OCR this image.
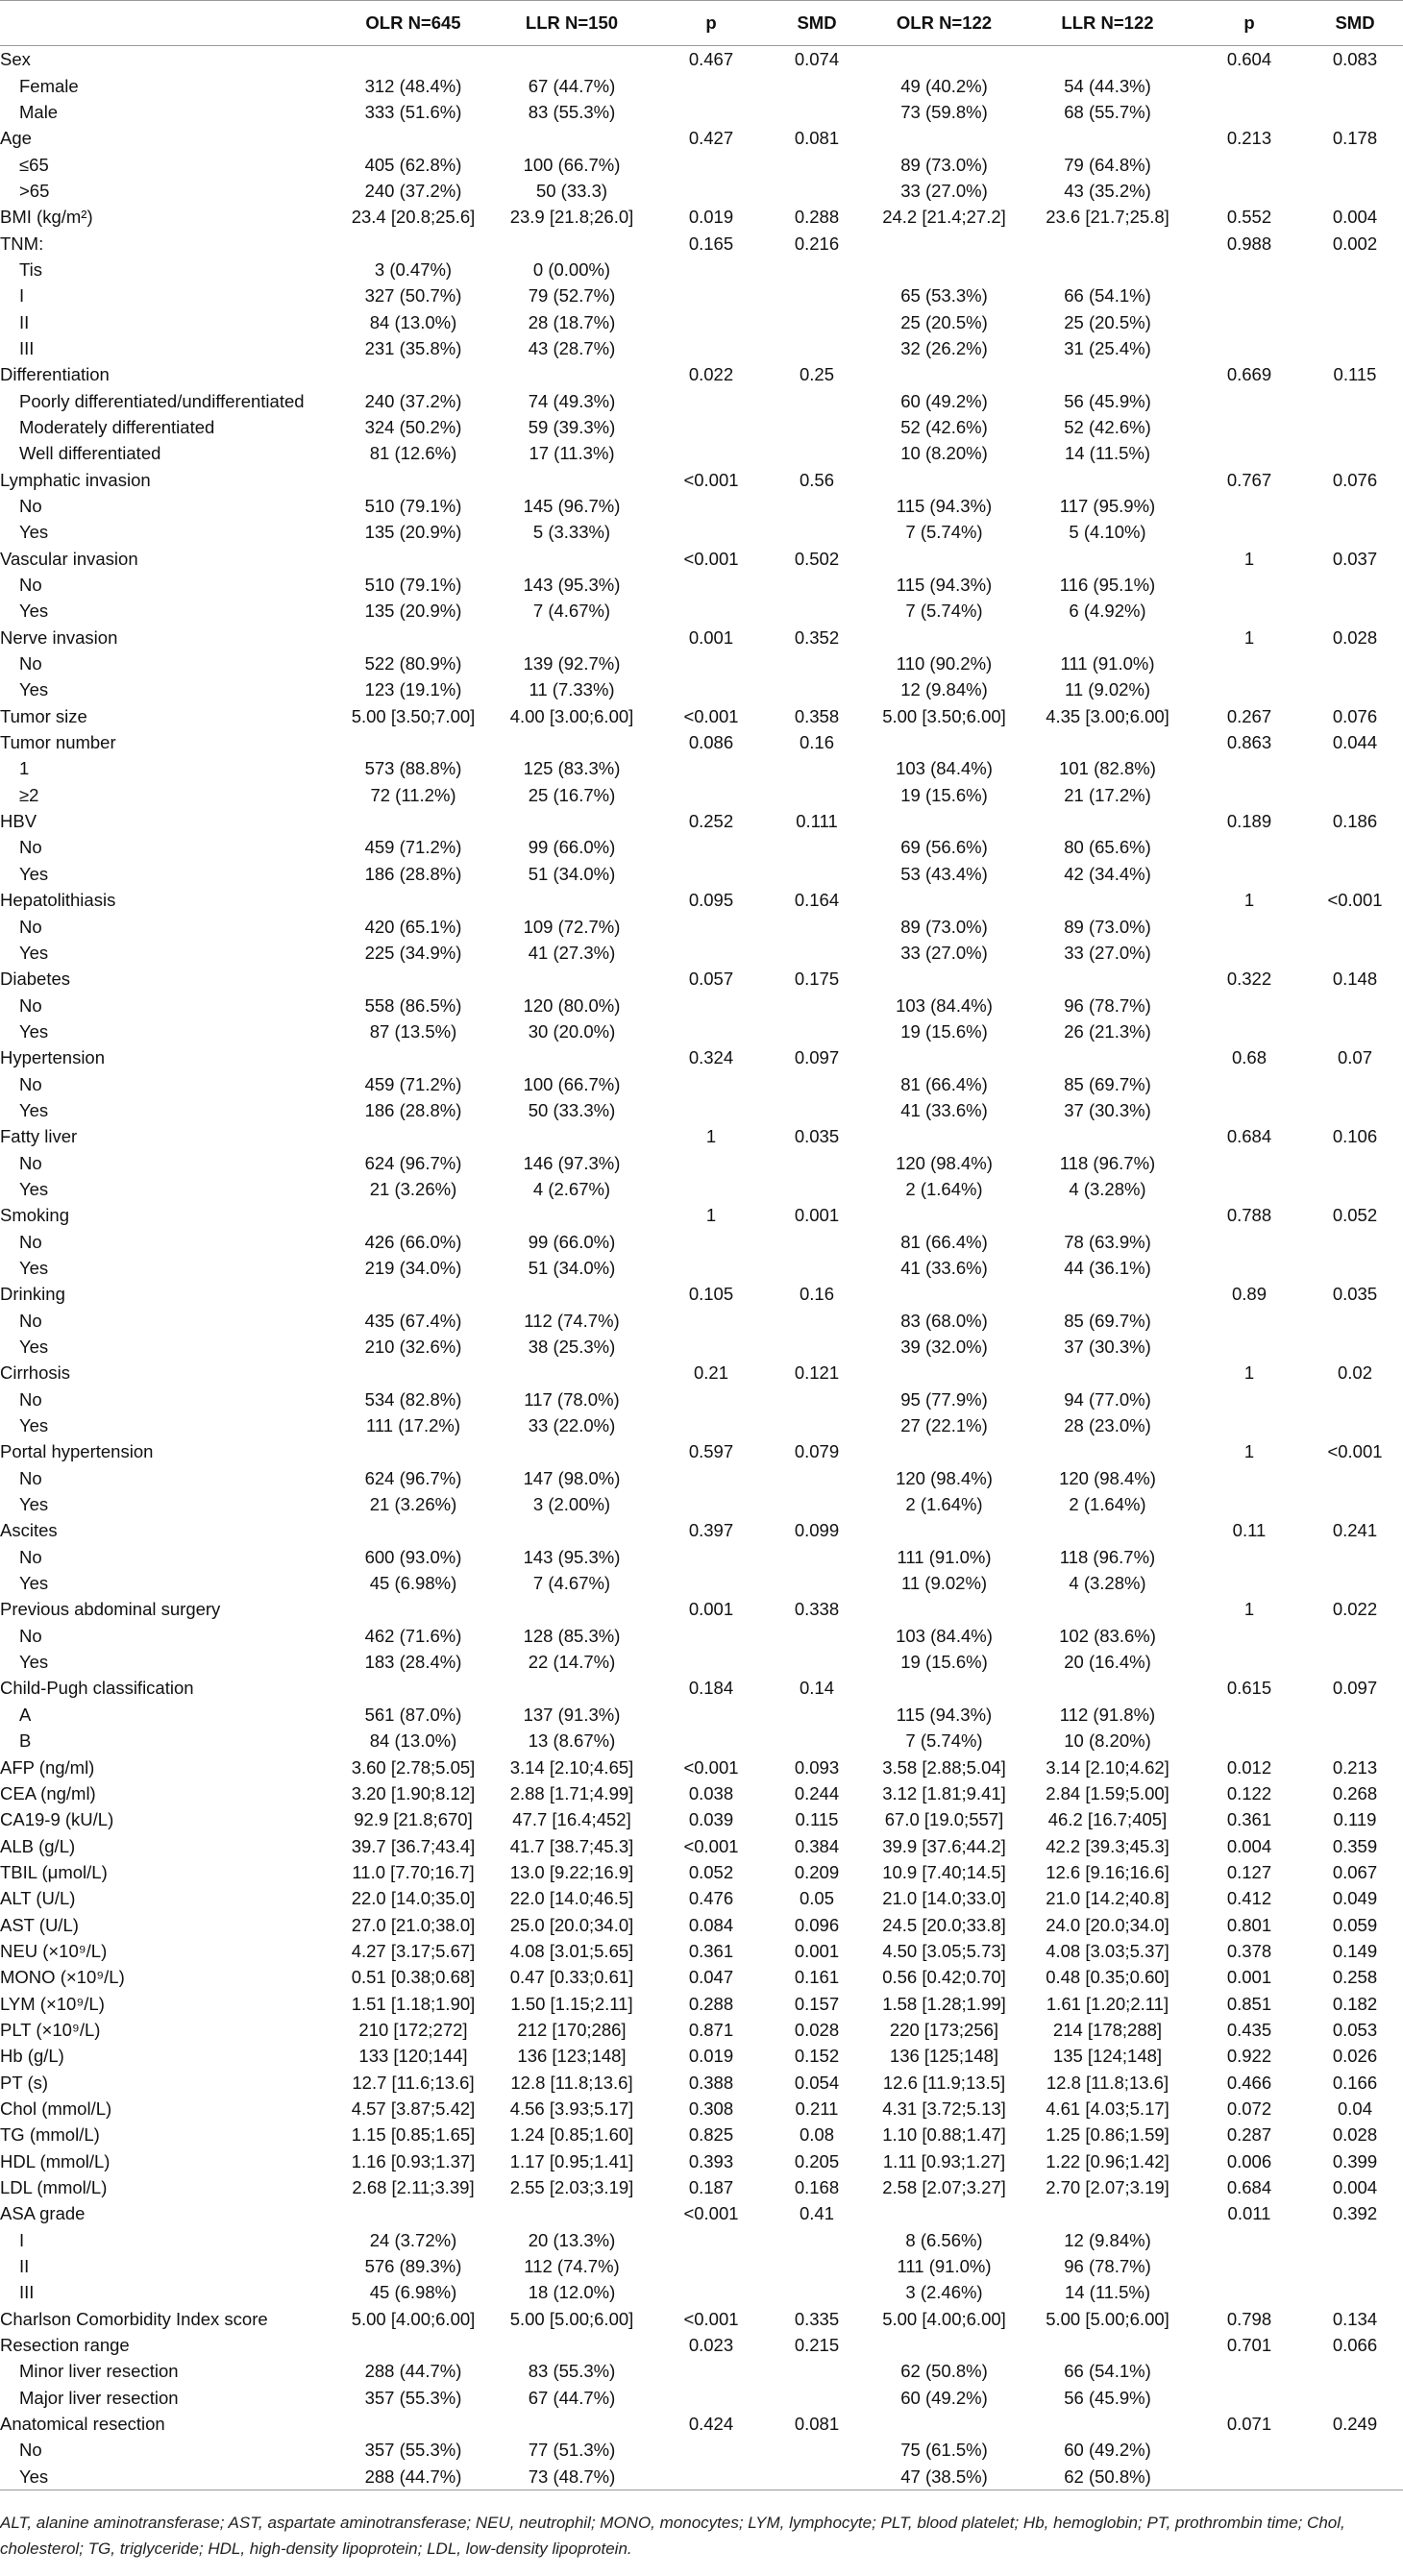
	OLR N=645	LLR N=150	p	SMD	OLR N=122	LLR N=122	p	SMD
Sex			0.467	0.074			0.604	0.083
Female	312 (48.4%)	67 (44.7%)			49 (40.2%)	54 (44.3%)		
Male	333 (51.6%)	83 (55.3%)			73 (59.8%)	68 (55.7%)		
Age			0.427	0.081			0.213	0.178
≤65	405 (62.8%)	100 (66.7%)			89 (73.0%)	79 (64.8%)		
>65	240 (37.2%)	50 (33.3)			33 (27.0%)	43 (35.2%)		
BMI (kg/m²)	23.4 [20.8;25.6]	23.9 [21.8;26.0]	0.019	0.288	24.2 [21.4;27.2]	23.6 [21.7;25.8]	0.552	0.004
TNM:			0.165	0.216			0.988	0.002
Tis	3 (0.47%)	0 (0.00%)						
I	327 (50.7%)	79 (52.7%)			65 (53.3%)	66 (54.1%)		
II	84 (13.0%)	28 (18.7%)			25 (20.5%)	25 (20.5%)		
III	231 (35.8%)	43 (28.7%)			32 (26.2%)	31 (25.4%)		
Differentiation			0.022	0.25			0.669	0.115
Poorly differentiated/undifferentiated	240 (37.2%)	74 (49.3%)			60 (49.2%)	56 (45.9%)		
Moderately differentiated	324 (50.2%)	59 (39.3%)			52 (42.6%)	52 (42.6%)		
Well differentiated	81 (12.6%)	17 (11.3%)			10 (8.20%)	14 (11.5%)		
Lymphatic invasion			<0.001	0.56			0.767	0.076
No	510 (79.1%)	145 (96.7%)			115 (94.3%)	117 (95.9%)		
Yes	135 (20.9%)	5 (3.33%)			7 (5.74%)	5 (4.10%)		
Vascular invasion			<0.001	0.502			1	0.037
No	510 (79.1%)	143 (95.3%)			115 (94.3%)	116 (95.1%)		
Yes	135 (20.9%)	7 (4.67%)			7 (5.74%)	6 (4.92%)		
Nerve invasion			0.001	0.352			1	0.028
No	522 (80.9%)	139 (92.7%)			110 (90.2%)	111 (91.0%)		
Yes	123 (19.1%)	11 (7.33%)			12 (9.84%)	11 (9.02%)		
Tumor size	5.00 [3.50;7.00]	4.00 [3.00;6.00]	<0.001	0.358	5.00 [3.50;6.00]	4.35 [3.00;6.00]	0.267	0.076
Tumor number			0.086	0.16			0.863	0.044
1	573 (88.8%)	125 (83.3%)			103 (84.4%)	101 (82.8%)		
≥2	72 (11.2%)	25 (16.7%)			19 (15.6%)	21 (17.2%)		
HBV			0.252	0.111			0.189	0.186
No	459 (71.2%)	99 (66.0%)			69 (56.6%)	80 (65.6%)		
Yes	186 (28.8%)	51 (34.0%)			53 (43.4%)	42 (34.4%)		
Hepatolithiasis			0.095	0.164			1	<0.001
No	420 (65.1%)	109 (72.7%)			89 (73.0%)	89 (73.0%)		
Yes	225 (34.9%)	41 (27.3%)			33 (27.0%)	33 (27.0%)		
Diabetes			0.057	0.175			0.322	0.148
No	558 (86.5%)	120 (80.0%)			103 (84.4%)	96 (78.7%)		
Yes	87 (13.5%)	30 (20.0%)			19 (15.6%)	26 (21.3%)		
Hypertension			0.324	0.097			0.68	0.07
No	459 (71.2%)	100 (66.7%)			81 (66.4%)	85 (69.7%)		
Yes	186 (28.8%)	50 (33.3%)			41 (33.6%)	37 (30.3%)		
Fatty liver			1	0.035			0.684	0.106
No	624 (96.7%)	146 (97.3%)			120 (98.4%)	118 (96.7%)		
Yes	21 (3.26%)	4 (2.67%)			2 (1.64%)	4 (3.28%)		
Smoking			1	0.001			0.788	0.052
No	426 (66.0%)	99 (66.0%)			81 (66.4%)	78 (63.9%)		
Yes	219 (34.0%)	51 (34.0%)			41 (33.6%)	44 (36.1%)		
Drinking			0.105	0.16			0.89	0.035
No	435 (67.4%)	112 (74.7%)			83 (68.0%)	85 (69.7%)		
Yes	210 (32.6%)	38 (25.3%)			39 (32.0%)	37 (30.3%)		
Cirrhosis			0.21	0.121			1	0.02
No	534 (82.8%)	117 (78.0%)			95 (77.9%)	94 (77.0%)		
Yes	111 (17.2%)	33 (22.0%)			27 (22.1%)	28 (23.0%)		
Portal hypertension			0.597	0.079			1	<0.001
No	624 (96.7%)	147 (98.0%)			120 (98.4%)	120 (98.4%)		
Yes	21 (3.26%)	3 (2.00%)			2 (1.64%)	2 (1.64%)		
Ascites			0.397	0.099			0.11	0.241
No	600 (93.0%)	143 (95.3%)			111 (91.0%)	118 (96.7%)		
Yes	45 (6.98%)	7 (4.67%)			11 (9.02%)	4 (3.28%)		
Previous abdominal surgery			0.001	0.338			1	0.022
No	462 (71.6%)	128 (85.3%)			103 (84.4%)	102 (83.6%)		
Yes	183 (28.4%)	22 (14.7%)			19 (15.6%)	20 (16.4%)		
Child-Pugh classification			0.184	0.14			0.615	0.097
A	561 (87.0%)	137 (91.3%)			115 (94.3%)	112 (91.8%)		
B	84 (13.0%)	13 (8.67%)			7 (5.74%)	10 (8.20%)		
AFP (ng/ml)	3.60 [2.78;5.05]	3.14 [2.10;4.65]	<0.001	0.093	3.58 [2.88;5.04]	3.14 [2.10;4.62]	0.012	0.213
CEA (ng/ml)	3.20 [1.90;8.12]	2.88 [1.71;4.99]	0.038	0.244	3.12 [1.81;9.41]	2.84 [1.59;5.00]	0.122	0.268
CA19-9 (kU/L)	92.9 [21.8;670]	47.7 [16.4;452]	0.039	0.115	67.0 [19.0;557]	46.2 [16.7;405]	0.361	0.119
ALB (g/L)	39.7 [36.7;43.4]	41.7 [38.7;45.3]	<0.001	0.384	39.9 [37.6;44.2]	42.2 [39.3;45.3]	0.004	0.359
TBIL (μmol/L)	11.0 [7.70;16.7]	13.0 [9.22;16.9]	0.052	0.209	10.9 [7.40;14.5]	12.6 [9.16;16.6]	0.127	0.067
ALT (U/L)	22.0 [14.0;35.0]	22.0 [14.0;46.5]	0.476	0.05	21.0 [14.0;33.0]	21.0 [14.2;40.8]	0.412	0.049
AST (U/L)	27.0 [21.0;38.0]	25.0 [20.0;34.0]	0.084	0.096	24.5 [20.0;33.8]	24.0 [20.0;34.0]	0.801	0.059
NEU (×10⁹/L)	4.27 [3.17;5.67]	4.08 [3.01;5.65]	0.361	0.001	4.50 [3.05;5.73]	4.08 [3.03;5.37]	0.378	0.149
MONO (×10⁹/L)	0.51 [0.38;0.68]	0.47 [0.33;0.61]	0.047	0.161	0.56 [0.42;0.70]	0.48 [0.35;0.60]	0.001	0.258
LYM (×10⁹/L)	1.51 [1.18;1.90]	1.50 [1.15;2.11]	0.288	0.157	1.58 [1.28;1.99]	1.61 [1.20;2.11]	0.851	0.182
PLT (×10⁹/L)	210 [172;272]	212 [170;286]	0.871	0.028	220 [173;256]	214 [178;288]	0.435	0.053
Hb (g/L)	133 [120;144]	136 [123;148]	0.019	0.152	136 [125;148]	135 [124;148]	0.922	0.026
PT (s)	12.7 [11.6;13.6]	12.8 [11.8;13.6]	0.388	0.054	12.6 [11.9;13.5]	12.8 [11.8;13.6]	0.466	0.166
Chol (mmol/L)	4.57 [3.87;5.42]	4.56 [3.93;5.17]	0.308	0.211	4.31 [3.72;5.13]	4.61 [4.03;5.17]	0.072	0.04
TG (mmol/L)	1.15 [0.85;1.65]	1.24 [0.85;1.60]	0.825	0.08	1.10 [0.88;1.47]	1.25 [0.86;1.59]	0.287	0.028
HDL (mmol/L)	1.16 [0.93;1.37]	1.17 [0.95;1.41]	0.393	0.205	1.11 [0.93;1.27]	1.22 [0.96;1.42]	0.006	0.399
LDL (mmol/L)	2.68 [2.11;3.39]	2.55 [2.03;3.19]	0.187	0.168	2.58 [2.07;3.27]	2.70 [2.07;3.19]	0.684	0.004
ASA grade			<0.001	0.41			0.011	0.392
I	24 (3.72%)	20 (13.3%)			8 (6.56%)	12 (9.84%)		
II	576 (89.3%)	112 (74.7%)			111 (91.0%)	96 (78.7%)		
III	45 (6.98%)	18 (12.0%)			3 (2.46%)	14 (11.5%)		
Charlson Comorbidity Index score	5.00 [4.00;6.00]	5.00 [5.00;6.00]	<0.001	0.335	5.00 [4.00;6.00]	5.00 [5.00;6.00]	0.798	0.134
Resection range			0.023	0.215			0.701	0.066
Minor liver resection	288 (44.7%)	83 (55.3%)			62 (50.8%)	66 (54.1%)		
Major liver resection	357 (55.3%)	67 (44.7%)			60 (49.2%)	56 (45.9%)		
Anatomical resection			0.424	0.081			0.071	0.249
No	357 (55.3%)	77 (51.3%)			75 (61.5%)	60 (49.2%)		
Yes	288 (44.7%)	73 (48.7%)			47 (38.5%)	62 (50.8%)		
ALT, alanine aminotransferase; AST, aspartate aminotransferase; NEU, neutrophil; MONO, monocytes; LYM, lymphocyte; PLT, blood platelet; Hb, hemoglobin; PT, prothrombin time; Chol, cholesterol; TG, triglyceride; HDL, high-density lipoprotein; LDL, low-density lipoprotein.
